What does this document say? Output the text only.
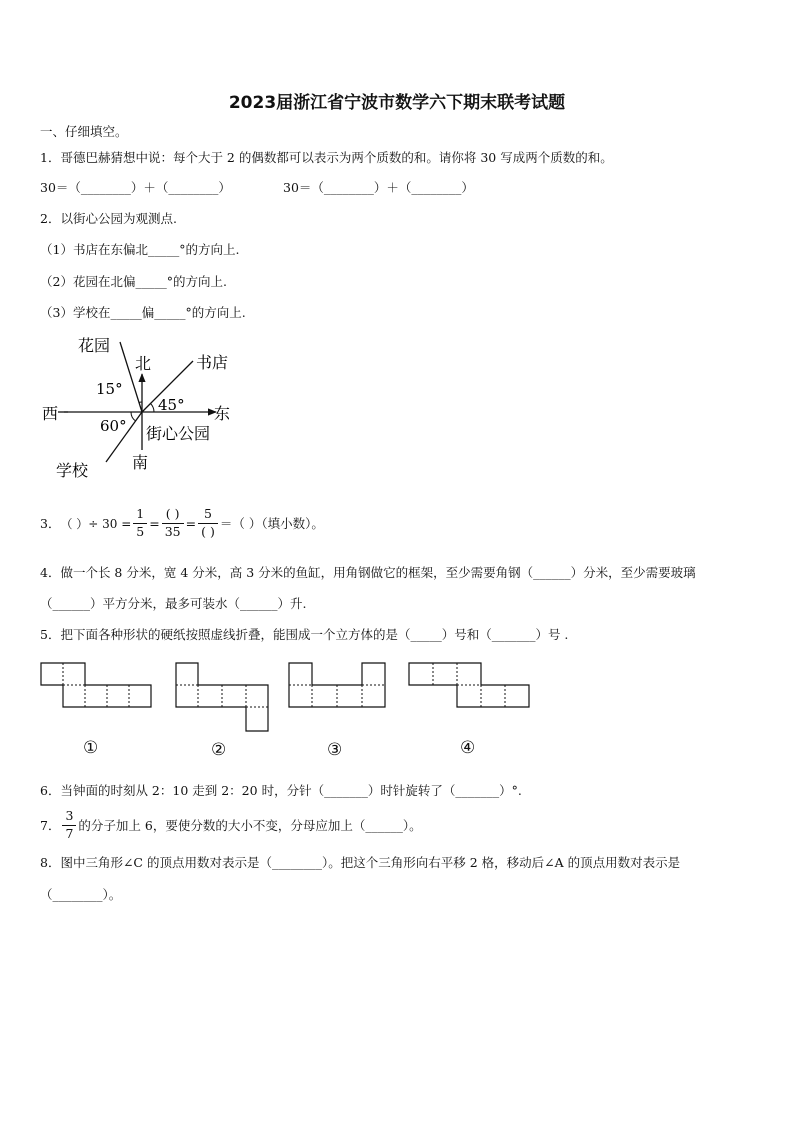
2023届浙江省宁波市数学六下期末联考试题
一、仔细填空。
1．哥德巴赫猜想中说：每个大于 2 的偶数都可以表示为两个质数的和。请你将 30 写成两个质数的和。
30＝（________）＋（________）	30＝（________）＋（________）
2．以街心公园为观测点.
（1）书店在东偏北_____°的方向上.
（2）花园在北偏_____°的方向上.
（3）学校在_____偏_____°的方向上.
花园
北	书店
15°
45°
西	东
60° 街心公园
南
学校
3． （ ）÷ $30 = \frac{1}{5} = \frac{( )}{35} = \frac{5}{( )}$ ＝（ ）（填小数）。
4．做一个长 8 分米，宽 4 分米，高 3 分米的鱼缸，用角钢做它的框架，至少需要角钢（______）分米，至少需要玻璃
（______）平方分米，最多可装水（______）升.
5．把下面各种形状的硬纸按照虚线折叠，能围成一个立方体的是（_____）号和（_______）号 .
①	②	③	④
6．当钟面的时刻从 2：10 走到 2：20 时，分针（_______）时针旋转了（_______）°.
7． $\frac{3}{7}$ 的分子加上 6，要使分数的大小不变，分母应加上（______）。
8．图中三角形∠C 的顶点用数对表示是（________）。把这个三角形向右平移 2 格，移动后∠A 的顶点用数对表示是
（________）。
